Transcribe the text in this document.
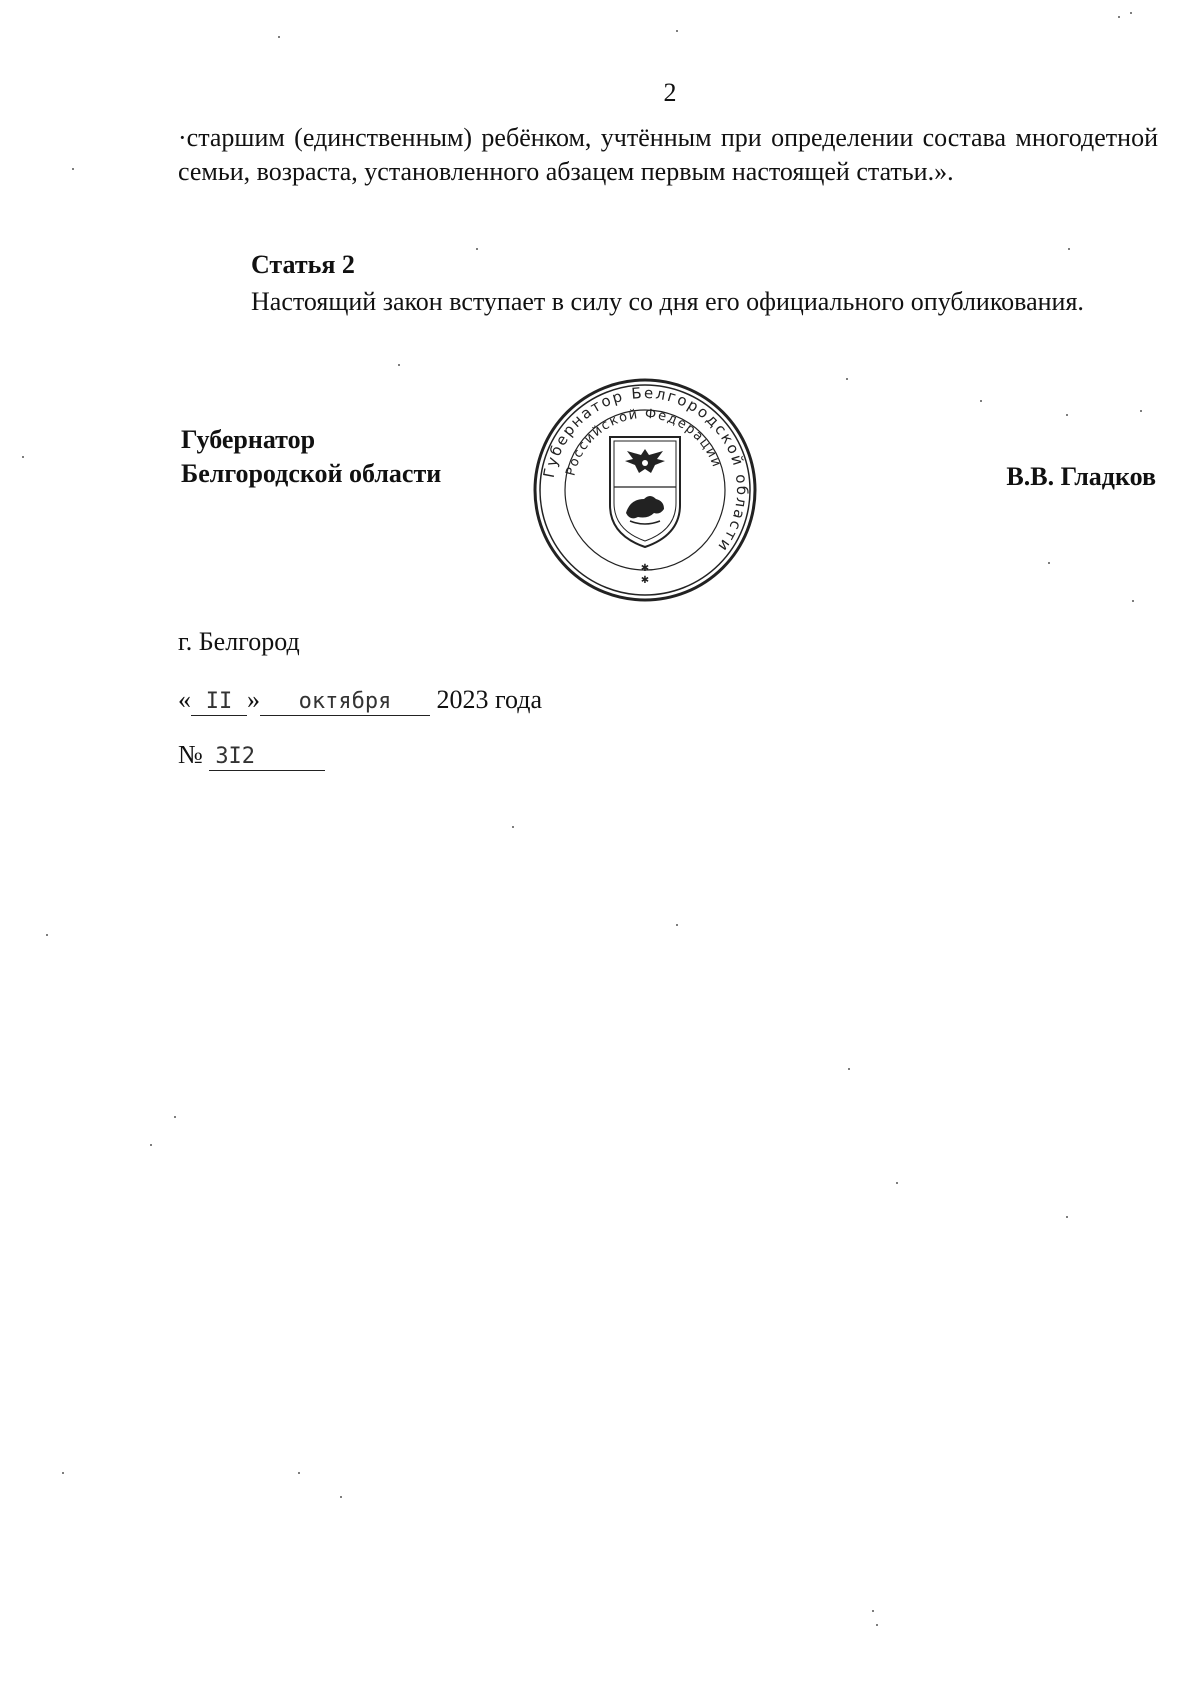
2
·старшим (единственным) ребёнком, учтённым при определении состава многодетной семьи, возраста, установленного абзацем первым настоящей статьи.».
Статья 2
Настоящий закон вступает в силу со дня его официального опубликования.
Губернатор
Белгородской области	Губернатор Белгородской области
Российской Федерации
✱
✱
В.В. Гладков
г. Белгород
« II » октября 2023 года
№ 3I2
